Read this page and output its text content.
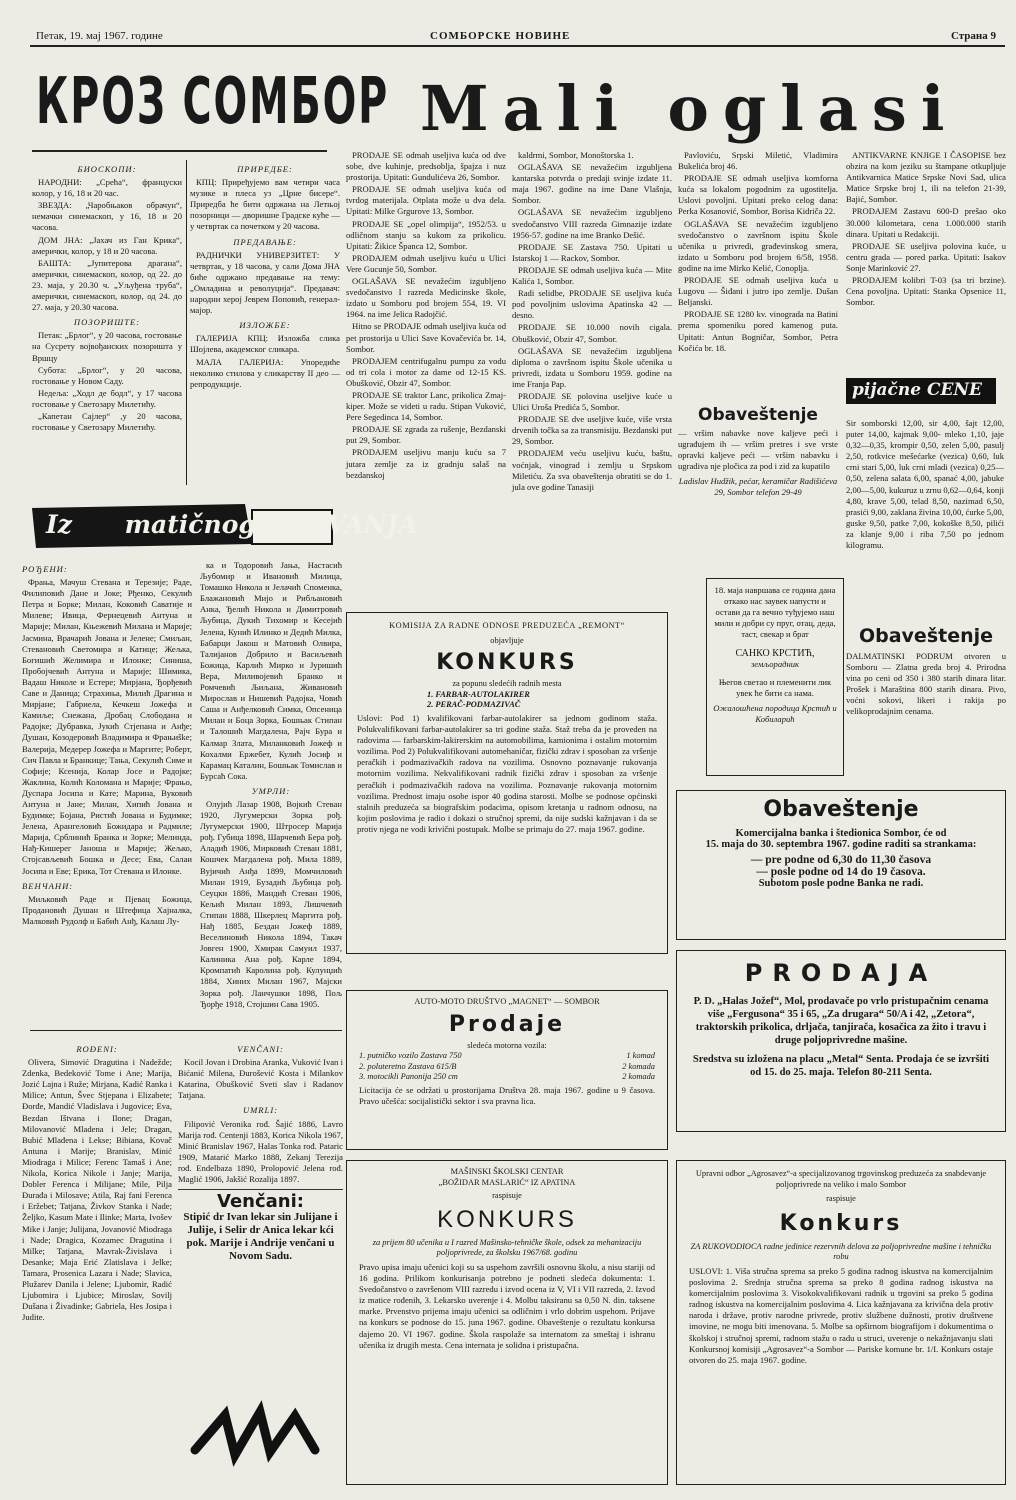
Петак, 19. мај 1967. године	СОМБОРСКЕ НОВИНЕ	Страна 9
КРОЗ СОМБОР

БИОСКОПИ:

НАРОДНИ: „Срећа“, француски колор, у 16, 18 и 20 час.

ЗВЕЗДА: „Чаробњаков обрачун“, немачки синемаскоп, у 16, 18 и 20 часова.

ДОМ ЈНА: „Јахач из Ган Крика“, амерички, колор, у 18 и 20 часова.

БАШТА: „Јупитерова драгана“, амерички, синемаскоп, колор, од 22. до 23. маја, у 20.30 ч. „Уљуђена труба“, амерички, синемаскоп, колор, од 24. до 27. маја, у 20.30 часова.

ПОЗОРИШТЕ:

Петак: „Брлог“, у 20 часова, гостовање на Сусрету војвођанских позоришта у Вршцу

Субота: „Брлог“, у 20 часова, гостовање у Новом Саду.

Недеља: „Ходл де бодл“, у 17 часова гостовање у Светозару Милетићу.

„Капетан Сајлер“ ,у 20 часова, гостовање у Светозару Милетићу.

ПРИРЕДБЕ:

КПЦ: Приређујемо вам четири часа музике и плеса уз „Црне бисере“. Приредба ће бити одржана на Летњој позорници — дворишне Градске куће — у четвртак са почетком у 20 часова.

ПРЕДАВАЊЕ:

РАДНИЧКИ УНИВЕРЗИТЕТ: У четвртак, у 18 часова, у сали Дома ЈНА биће одржано предавање на тему: „Омладина и револуција“. Предавач: народни херој Јеврем Поповић, генерал-мајор.

ИЗЛОЖБЕ:

ГАЛЕРИЈА КПЦ: Изложба слика Шојлева, академског сликара.

МАЛА ГАЛЕРИЈА: Упоредиће неколико стилова у сликарству II део — репродукције.

Iz matičnog ZVANJA

РОЂЕНИ:

Фрања, Мачуш Стевана и Терезије; Раде, Филиповић Дане и Јоке; Рђенко, Секулић Петра и Борке; Милан, Коковић Саватије и Милеве; Ивица, Фернецевић Антуна и Марије; Милан, Књежевић Милана и Марије; Јасмина, Врачарић Јована и Јелене; Смиљан, Стевановић Светомира и Катице; Жељка, Богишић Желимира и Илонке; Синиша, Пробојчевић Антуна и Марије; Шимика, Вадаш Николе и Естере; Мирјана, Ђорђевић Саве и Даница; Страхиња, Милић Драгина и Мирјане; Габриела, Кечкеш Јожефа и Камиље; Снежана, Дробац Слободана и Радојке; Дубравка, Јукић Стјепана и Анђе; Душан, Козодеровић Владимира и Фрањиške; Валерија, Медерер Јожефа и Маргите; Роберт, Сич Павла и Бранкице; Тања, Секулић Симе и Софије; Ксенија, Колар Јосе и Радојке; Жаклина, Колић Коломана и Марије; Фрањо, Дуспара Јосипа и Кате; Марина, Вуковић Антуна и Јане; Милан, Хипић Јована и Будимке; Бојана, Ристић Јована и Будимке; Јелена, Арангеловић Божидара и Радмиле; Марија, Срблинић Бранка и Зорке; Мелинда, Нађ-Кишерег Јаноша и Марије; Жељко, Стојсављевић Бошка и Десе; Ева, Салаи Јосипа и Еве; Ерика, Тот Стевана и Илонке.

ВЕНЧАНИ:

Миљковић Раде и Пјевац Божица, Продановић Душан и Штефица Хајналка, Малковић Рудолф и Бабић Анђ, Калаш Лу-

ка и Тодоровић Јања, Настасић Љубомир и Ивановић Милица, Томашко Никола и Јелачић Споменка, Блажановић Мијо и Рибљановић Анка, Ђелић Никола и Димитровић Љубица, Дукић Тихомир и Кесејић Јелена, Кунић Илинко и Дедић Милка, Бабарци Јакош и Матовић Олвира, Талијанов Добрило и Васиљевић Божица, Карлић Мирко и Јуришић Вера, Миливојевић Бранко и Ромчевић Љиљана, Живановић Мирослав и Нишевић Радојка, Човић Саша и Анђелковић Симка, Опсеница Милан и Боца Зорка, Бошњак Стипан и Талошић Магдалена, Рајч Бура и Калмар Злата, Миланковић Јожеф и Кохалми Ержебет, Кулић Јосиф и Карамац Каталин, Бошњак Томислав и Бурсаћ Сока.

УМРЛИ:

Олујић Лазар 1908, Војкић Стеван 1920, Лугумерски Зорка рођ. Лугумерски 1900, Штросер Марија рођ. Губица 1898, Шарчевић Бера рођ. Аладић 1906, Мирковић Стеван 1881, Кошчек Магдалена рођ. Мила 1889, Вујичић Анђа 1899, Момчиловић Милан 1919, Бузадић Љубица рођ. Сеуцки 1886, Мандић Стеван 1906, Кељић Милан 1893, Лишчевић Стипан 1888, Шкерлец Маргита рођ. Нађ 1885, Бездан Јожеф 1889, Веселиновић Никола 1894, Такач Јовген 1900, Хмирак Самуил 1937, Калиника Ана рођ. Карле 1894, Кромпатић Каролина рођ. Кулунџић 1884, Хиних Милан 1967, Мајски Зорка рођ. Ланчушки 1898, Пољ Ђорђе 1918, Стојшин Сава 1905.

ROĐENI:

Olivera, Simović Dragutina i Nadežde; Zdenka, Bedeković Tome i Ane; Marija, Jozić Lajna i Ruže; Mirjana, Kadić Ranka i Milice; Antun, Švec Stjepana i Elizabete; Đorđe, Mandić Vladislava i Jugovice; Eva, Bezdan Ištvana i Ilone; Dragan, Milovanović Mladena i Jele; Dragan, Bubić Mlađena i Lekse; Bibiana, Kovač Antuna i Marije; Branislav, Minić Miodraga i Milice; Ferenc Tamaš i Ane; Nikola, Korica Nikole i Janje; Marija, Dobler Ferenca i Milijane; Mile, Pilja Đurađa i Milosave; Atila, Raj fani Ferenca i Eržebet; Tatjana, Živkov Stanka i Nade; Željko, Kasum Mate i Ilinke; Marta, Ivošev Mike i Janje; Julijana, Jovanović Miodraga i Nade; Dragica, Kozamec Dragutina i Milke; Tatjana, Mavrak-Živislava i Desanke; Maja Erić Zlatislava i Jelke; Tamara, Prosenica Lazara i Nade; Slavica, Plužarev Danila i Jelene; Ljubomir, Radić Ljubomira i Ljubice; Miroslav, Sovilj Dušana i Živadinke; Gabriela, Hes Josipa i Judite.

VENČANI:

Kocil Jovan i Drobina Aranka, Vuković Ivan i Bićanić Milena, Đurošević Kosta i Milankov Katarina, Obušković Sveti slav i Radanov Tatjana.

UMRLI:

Filipović Veronika rođ. Šajić 1886, Lavro Marija rođ. Centenji 1883, Korica Nikola 1967, Minić Branislav 1967, Halas Tonka rođ. Pataric 1909, Matarić Marko 1888, Zekanj Terezija rođ. Endelbaza 1890, Prolopović Jelena rođ. Maglić 1906, Jakšić Rozalija 1897.

Venčani:
Stipić dr Ivan lekar sin Julijane i Julije, i Selir dr Anica lekar kći pok. Marije i Andrije venčani u Novom Sadu.
Mali oglasi

PRODAJE SE odmah useljiva kuća od dve sobe, dve kuhinje, predsoblja, špajza i nuz prostorija. Upitati: Gundulićeva 26, Sombor.

PRODAJE SE odmah useljiva kuća od tvrdog materijala. Otplata može u dva dela. Upitati: Milke Grgurove 13, Sombor.

PRODAJE SE „opel olimpija“, 1952/53. u odličnom stanju sa kukom za prikolicu. Upitati: Žikice Španca 12, Sombor.

PRODAJEM odmah useljivu kuću u Ulici Vere Gucunje 50, Sombor.

OGLAŠAVA SE nevažećim izgubljeno svedočanstvo I razreda Medicinske škole, izdato u Somboru pod brojem 554, 19. VI 1964. na ime Jelica Radojčić.

Hitno se PRODAJE odmah useljiva kuća od pet prostorija u Ulici Save Kovačevića br. 14, Sombor.

PRODAJEM centrifugalnu pumpu za vodu od tri cola i motor za dame od 12-15 KS. Obušković, Obzir 47, Sombor.

PRODAJE SE traktor Lanc, prikolica Zmaj-kiper. Može se videti u radu. Stipan Vuković, Pere Segedinca 14, Sombor.

PRODAJE SE zgrada za rušenje, Bezdanski put 29, Sombor.

PRODAJEM useljivu manju kuću sa 7 jutara zemlje za iz gradnju salaš na bezdanskoj

kaldrmi, Sombor, Monoštorska 1.

OGLAŠAVA SE nevažećim izgubljena kantarska potvrda o predaji svinje izdate 11. maja 1967. godine na ime Dane Vlašnja, Sombor.

OGLAŠAVA SE nevažećim izgubljeno svedočanstvo VIII razreda Gimnazije izdate 1956-57. godine na ime Branko Dešić.

PRODAJE SE Zastava 750. Upitati u Istarskoj 1 — Rackov, Sombor.

PRODAJE SE odmah useljiva kuća — Mite Kalića 1, Sombor.

Radi selidbe, PRODAJE SE useljiva kuća pod povoljnim uslovima Apatinska 42 — desno.

PRODAJE SE 10.000 novih cigala. Obušković, Obzir 47, Sombor.

OGLAŠAVA SE nevažećim izgubljena diploma o završnom ispitu Škole učenika u privredi, izdata u Somboru 1959. godine na ime Franja Pap.

PRODAJE SE polovina useljive kuće u Ulici Uroša Predića 5, Sombor.

PRODAJE SE dve useljive kuće, više vrsta drvenih točka sa za transmisiju. Bezdanski put 29, Sombor.

PRODAJEM veću useljivu kuću, baštu, voćnjak, vinograd i zemlju u Srpskom Miletiću. Za sva obaveštenja obratiti se do 1. jula ove godine Tanasiji

Pavloviću, Srpski Miletić, Vladimira Bukelića broj 46.

PRODAJE SE odmah useljiva komforna kuća sa lokalom pogodnim za ugostitelja. Uslovi povoljni. Upitati preko celog dana: Perka Kosanović, Sombor, Borisa Kidriča 22.

OGLAŠAVA SE nevažećim izgubljeno svedočanstvo o završnom ispitu Škole učenika u privredi, građevinskog smera, izdato u Somboru pod brojem 6/58, 1958. godine na ime Mirko Kelić, Conoplja.

PRODAJE SE odmah useljiva kuća u Lugovu — Šiđani i jutro ipo zemlje. Dušan Beljanski.

PRODAJE SE 1280 kv. vinograda na Batini prema spomeniku pored kamenog puta. Upitati: Antun Bogničar, Sombor, Petra Kočića br. 18.

ANTIKVARNE KNJIGE I ČASOPISE bez obzira na kom jeziku su štampane otkupljuje Antikvarnica Matice Srpske Novi Sad, ulica Matice Srpske broj 1, ili na telefon 21-39, Bajić, Sombor.

PRODAJEM Zastavu 600-D prešao oko 30.000 kilometara, cena 1.000.000 starih dinara. Upitati u Redakciji.

PRODAJE SE useljiva polovina kuće, u centru grada — pored parka. Upitati: Isakov Sonje Marinković 27.

PRODAJEM kolibri T-03 (sa tri brzine). Cena povoljna. Upitati: Stanka Opsenice 11, Sombor.

Obaveštenje
— vršim nabavke nove kaljeve peći i ugrađujem ih — vršim pretres i sve vrste opravki kaljeve peći — vršim nabavku i ugradiva nje pločica za pod i zid za kupatilo
Ladislav Hudžik, pećar, keramičar Radišićeva 29, Sombor telefon 29-49
pijačne CENE
Sir somborski 12,00, sir 4,00, šajt 12,00, puter 14,00, kajmak 9,00- mleko 1,10, jaje 0,32—0,35, krompir 0,50, zelen 5,00, pasulj 2,50, rotkvice mešećarke (vezica) 0,60, luk crni stari 5,00, luk crni mladi (vezica) 0,25—0,50, zelena salata 6,00, spanać 4,00, jabuke 2,00—5,00, kukuruz u zrnu 0,62—0,64, konji 4,80, krave 5,00, telad 8,50, nazimad 6,50, prasići 9,00, zaklana živina 10,00, ćurke 5,00, guske 9,50, patke 7,00, kokoške 8,50, pilići za klanje 9,00 i riba 7,50 po jednom kilogramu.
18. маја навршава се година дана откако нас заувек напусти и остави да га вечно туђујемо наш мили и добри сy пруг, отац, деда, таст, свекар и брат
САНКО КРСТИЋ,
земљорадник
Његов светао и племенити лик увек ће бити са нама.
Ожалошћена породица Крстић и Кобиларић
Obaveštenje
DALMATINSKI PODRUM otvoren u Somboru — Zlatna greda broj 4. Prirodna vina po ceni od 350 i 380 starih dinara litar. Prošek i Maraština 800 starih dinara. Pivo, voćni sokovi, likeri i rakija po velikoprodajnim cenama.
KOMISIJA ZA RADNE ODNOSE PREDUZEĆA „REMONT“
objavljuje
KONKURS
za popunu sledećih radnih mesta
1. FARBAR-AUTOLAKIRER
2. PERAČ-PODMAZIVAČ
Uslovi: Pod 1) kvalifikovani farbar-autolakirer sa jednom godinom staža. Polukvalifikovani farbar-autolakirer sa tri godine staža. Staž treba da je proveden na radovima — farbarskim-lakirerskim na automobilima, kamionima i ostalim motornim vozilima. Pod 2) Polukvalifikovani automehaničar, fizički zdrav i sposoban za vršenje peračkih i podmazivačkih radova na vozilima. Osnovno poznavanje rukovanja motornim vozilima. Nekvalifikovani radnik fizički zdrav i sposoban za vršenje peračkih i podmazivačkih radova na vozilima. Poznavanje rukovanja motornim vozilima. Prednost imaju osobe ispor 40 godina starosti. Molbe se podnose općinski stalnih preduzeća sa biografskim podacima, opisom kretanja u radnom odnosu, na kojim poslovima je radio i dokazi o stručnoj spremi, da nije sudski kažnjavan i da se protiv njega ne vodi krivični postupak. Molbe se primaju do 27. maja 1967. godine.
AUTO-MOTO DRUŠTVO „MAGNET“ — SOMBOR
Prodaje
sledeća motorna vozila:
1. putničko vozilo Zastava 750	1 komad
2. poluteretno Zastava 615/B	2 komada
3. motocikli Panonija 250 cm	2 komada
Licitacija će se održati u prostorijama Društva 28. maja 1967. godine u 9 časova. Pravo učešća: socijalistički sektor i sva pravna lica.
Obaveštenje
Komercijalna banka i štedionica Sombor, će od
15. maja do 30. septembra 1967. godine raditi sa strankama:
— pre podne od 6,30 do 11,30 časova
— posle podne od 14 do 19 časova.
Subotom posle podne Banka ne radi.
PRODAJA
P. D. „Halas Jožef“, Mol, prodavače po vrlo pristupačnim cenama više „Fergusona“ 35 i 65, „Za drugara“ 50/A i 42, „Zetora“, traktorskih prikolica, drljača, tanjirača, kosačica za žito i travu i druge poljoprivredne mašine.
Sredstva su izložena na placu „Metal“ Senta. Prodaja će se izvršiti od 15. do 25. maja. Telefon 80-211 Senta.
MAŠINSKI ŠKOLSKI CENTAR
„BOŽIDAR MASLARIĆ“ IZ APATINA
raspisuje
KONKURS
za prijem 80 učenika u I razred Mašinsko-tehničke škole, odsek za mehanizaciju poljoprivrede, za školsku 1967/68. godinu
Pravo upisa imaju učenici koji su sa uspehom završili osnovnu školu, a nisu stariji od 16 godina. Prilikom konkurisanja potrebno je podneti sledeća dokumenta: 1. Svedočanstvo o završenom VIII razredu i izvod ocena iz V, VI i VII razreda, 2. Izvod iz matice rođenih, 3. Lekarsko uverenje i 4. Molbu taksiranu sa 0,50 N. din. taksene marke. Prvenstvo prijema imaju učenici sa odličnim i vrlo dobrim uspehom. Prijave na konkurs se podnose do 15. juna 1967. godine. Obaveštenje o rezultatu konkursa dajemo 20. VI 1967. godine. Škola raspolaže sa internatom za smeštaj i ishranu učenika iz drugih mesta. Cena internata je solidna i pristupačna.
Upravni odbor „Agrosavez“-a specijalizovanog trgovinskog preduzeća za snabdevanje poljoprivrede na veliko i malo Sombor
raspisuje
Konkurs
ZA RUKOVODIOCA radne jedinice rezervnih delova za poljoprivredne mašine i tehničku robu
USLOVI: 1. Viša stručna sprema sa preko 5 godina radnog iskustva na komercijalnim poslovima 2. Srednja stručna sprema sa preko 8 godina radnog iskustva na komercijalnim poslovima 3. Visokokvalifikovani radnik u trgovini sa preko 5 godina radnog iskustva na komercijalnim poslovima 4. Lica kažnjavana za krivična dela protiv naroda i države, protiv narodne privrede, protiv službene dužnosti, protiv društvene imovine, ne mogu biti imenovana. 5. Molbe sa opširnom biografijom i dokumentima o školskoj i stručnoj spremi, radnom stažu o radu u struci, uverenje o nekažnjavanju slati Konkursnoj komisiji „Agrosavez“-a Sombor — Pariske komune br. 1/I. Konkurs ostaje otvoren do 25. maja 1967. godine.
